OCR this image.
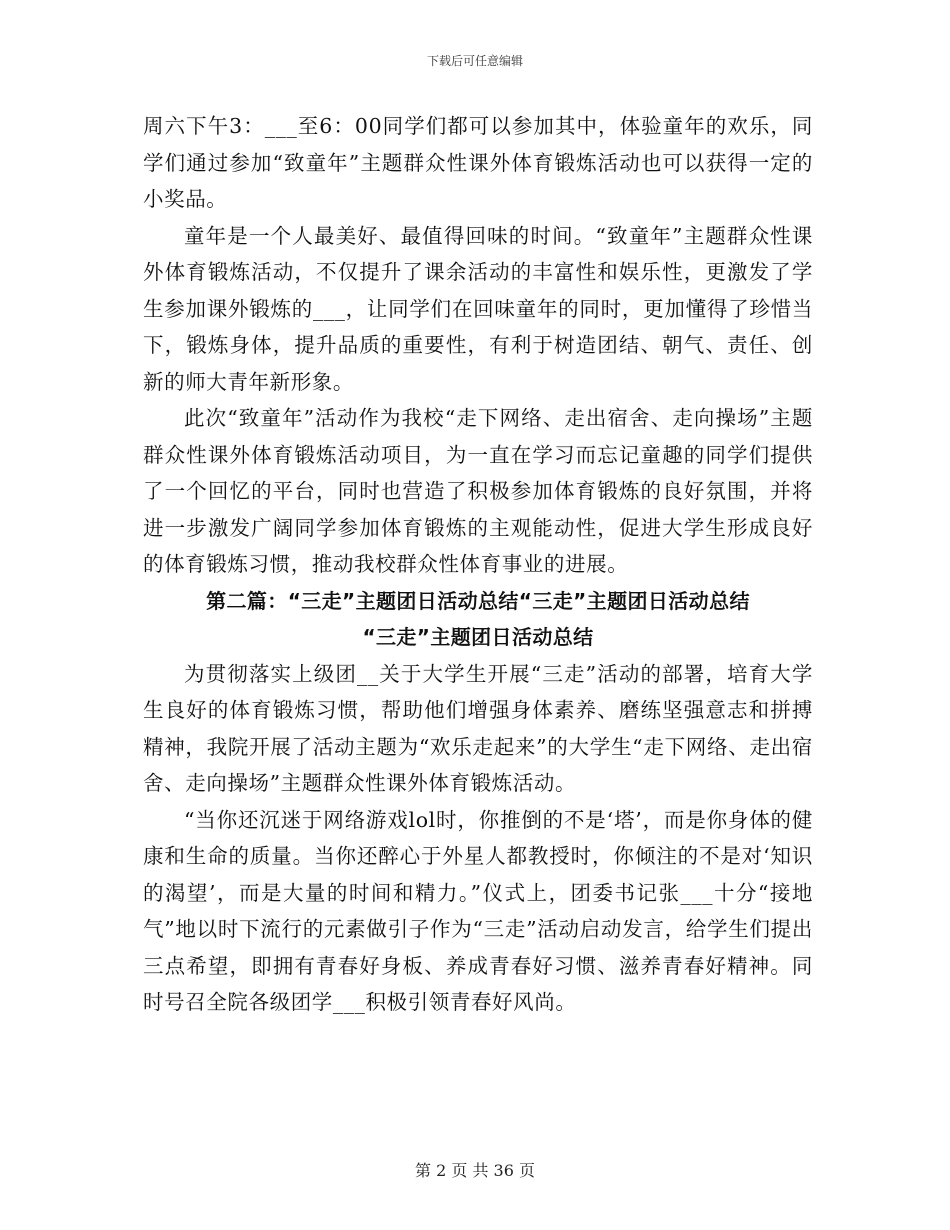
下载后可任意编辑

周六下午3：___至6：00同学们都可以参加其中，体验童年的欢乐，同学们通过参加“致童年”主题群众性课外体育锻炼活动也可以获得一定的小奖品。

童年是一个人最美好、最值得回味的时间。“致童年”主题群众性课外体育锻炼活动，不仅提升了课余活动的丰富性和娱乐性，更激发了学生参加课外锻炼的___，让同学们在回味童年的同时，更加懂得了珍惜当下，锻炼身体，提升品质的重要性，有利于树造团结、朝气、责任、创新的师大青年新形象。

此次“致童年”活动作为我校“走下网络、走出宿舍、走向操场”主题群众性课外体育锻炼活动项目，为一直在学习而忘记童趣的同学们提供了一个回忆的平台，同时也营造了积极参加体育锻炼的良好氛围，并将进一步激发广阔同学参加体育锻炼的主观能动性，促进大学生形成良好的体育锻炼习惯，推动我校群众性体育事业的进展。

第二篇：“三走”主题团日活动总结“三走”主题团日活动总结

“三走”主题团日活动总结

为贯彻落实上级团__关于大学生开展“三走”活动的部署，培育大学生良好的体育锻炼习惯，帮助他们增强身体素养、磨练坚强意志和拼搏精神，我院开展了活动主题为“欢乐走起来”的大学生“走下网络、走出宿舍、走向操场”主题群众性课外体育锻炼活动。

“当你还沉迷于网络游戏lol时，你推倒的不是‘塔’，而是你身体的健康和生命的质量。当你还醉心于外星人都教授时，你倾注的不是对‘知识的渴望’，而是大量的时间和精力。”仪式上，团委书记张___十分“接地气”地以时下流行的元素做引子作为“三走”活动启动发言，给学生们提出三点希望，即拥有青春好身板、养成青春好习惯、滋养青春好精神。同时号召全院各级团学___积极引领青春好风尚。

第 2 页 共 36 页
